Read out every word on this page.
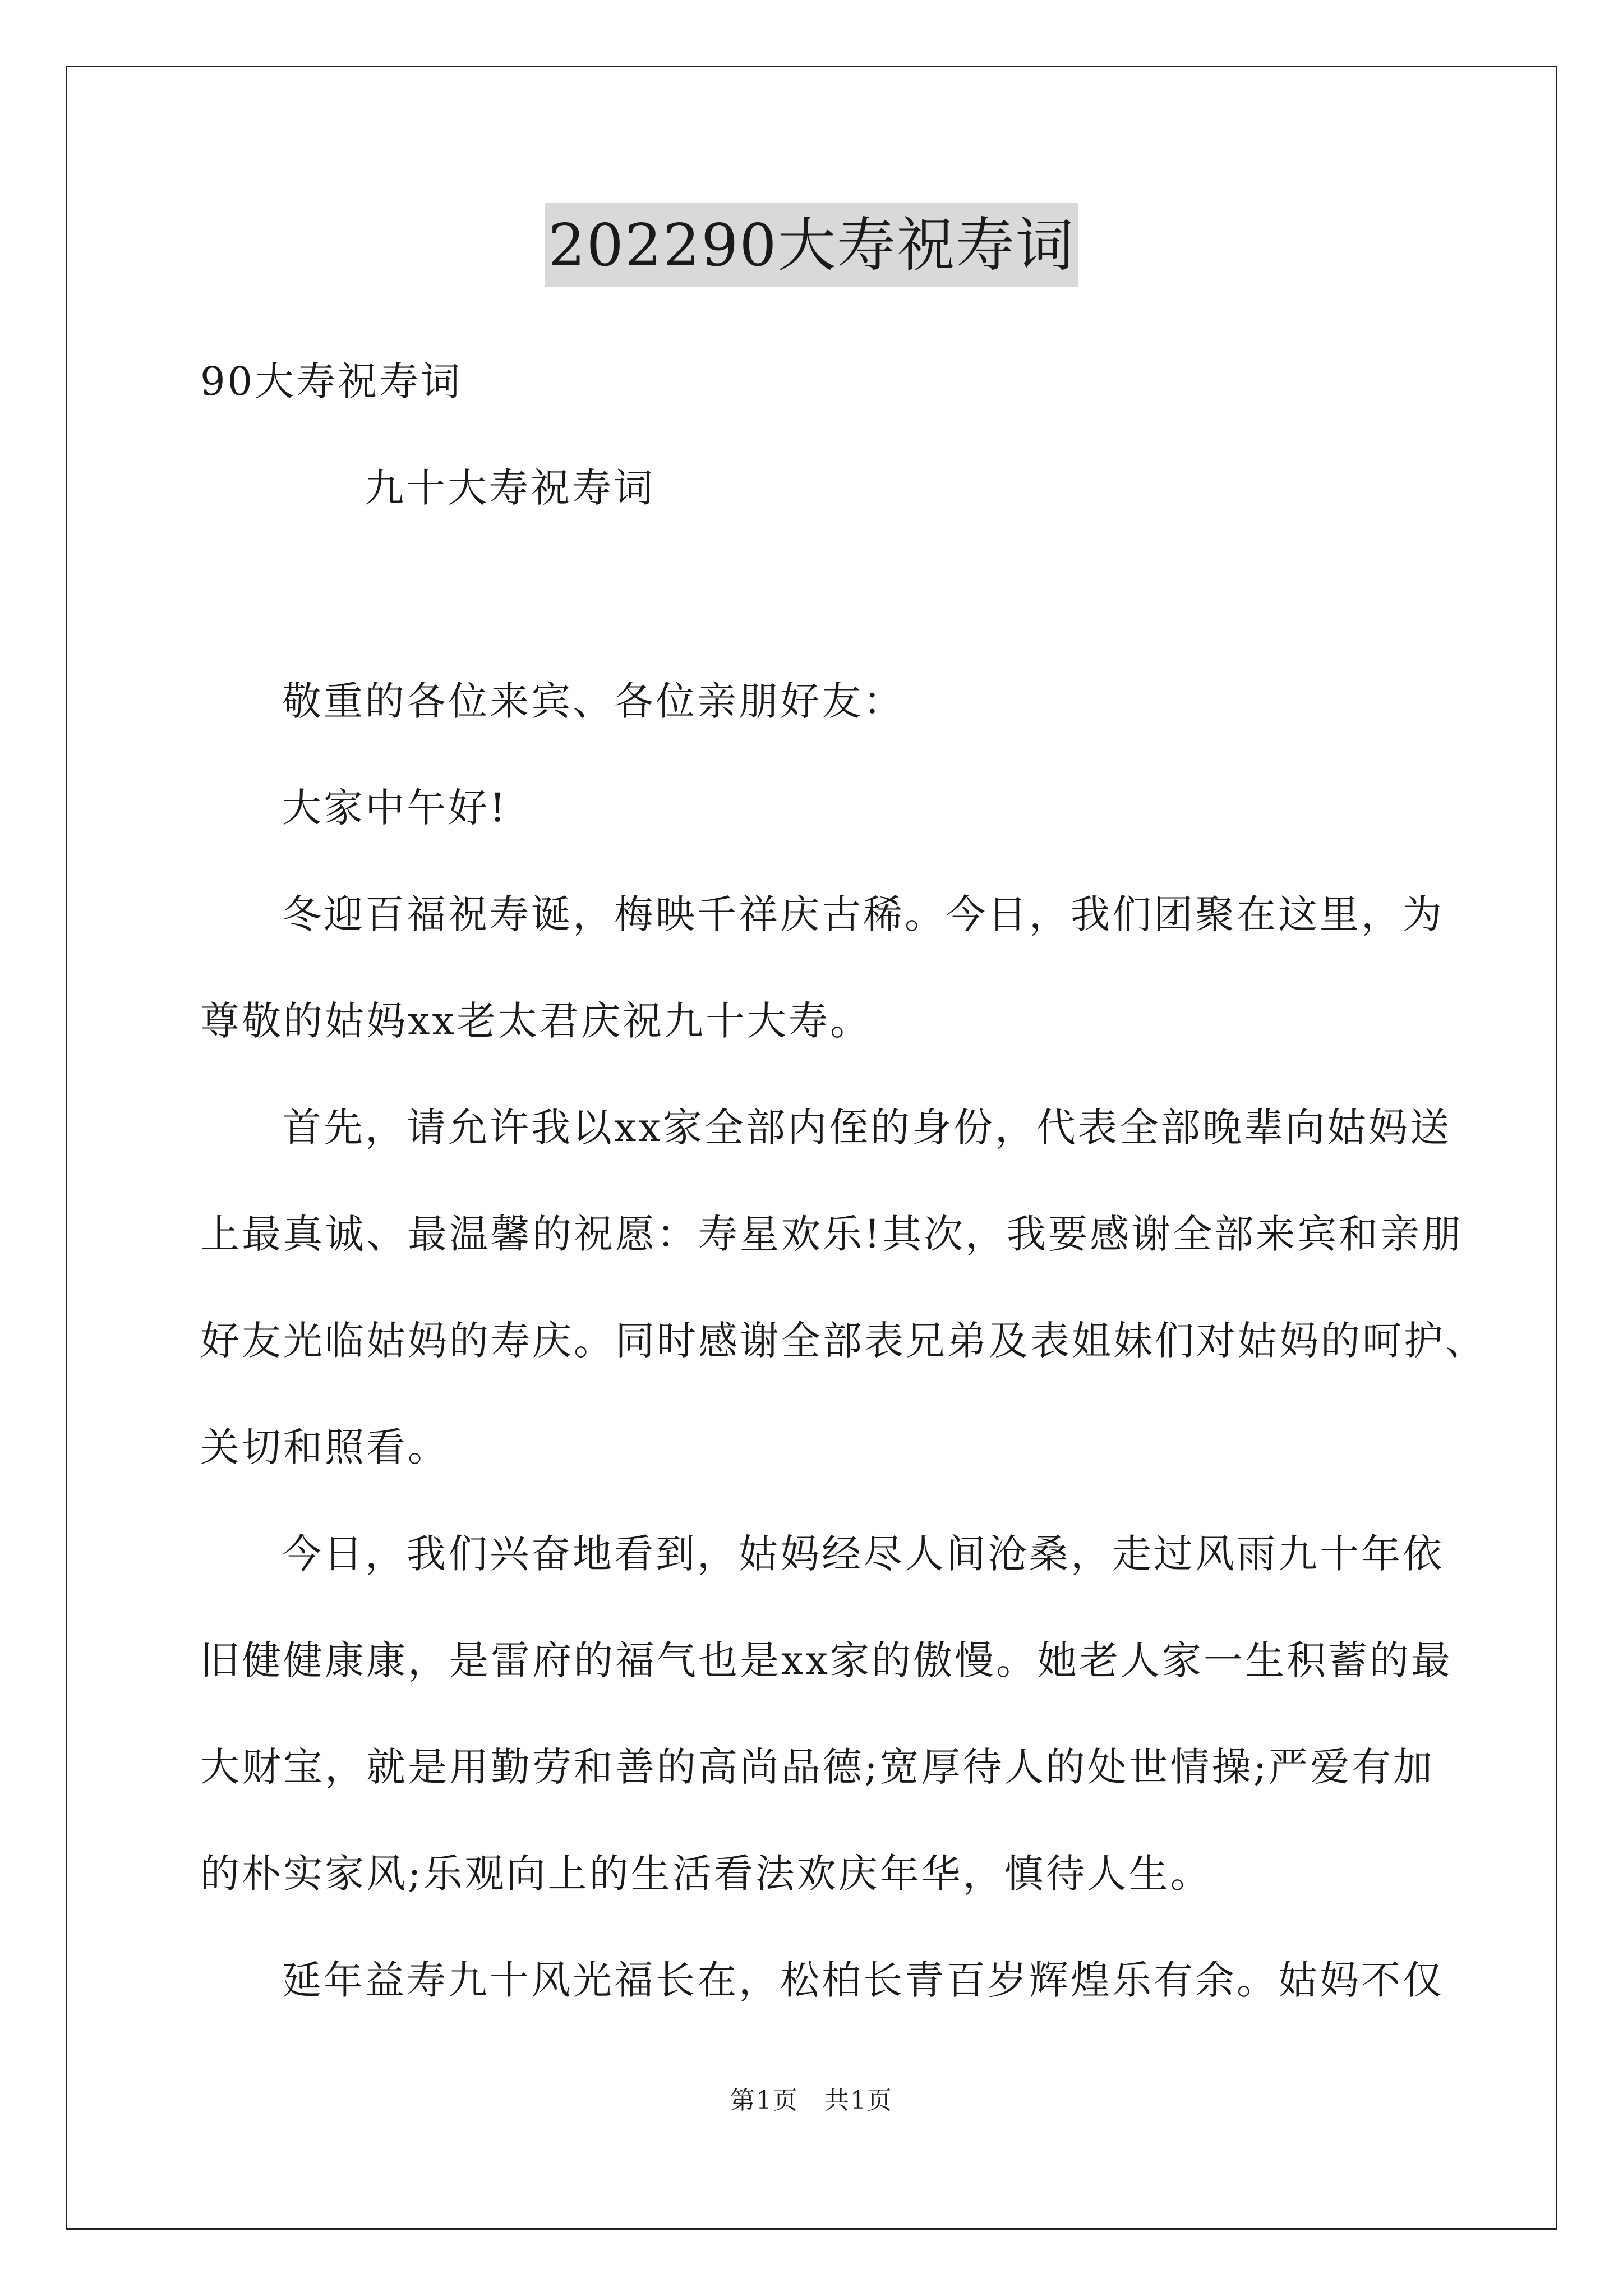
202290大寿祝寿词
90大寿祝寿词
九十大寿祝寿词
敬重的各位来宾、各位亲朋好友：
大家中午好!
冬迎百福祝寿诞，梅映千祥庆古稀。今日，我们团聚在这里，为
尊敬的姑妈xx老太君庆祝九十大寿。
首先，请允许我以xx家全部内侄的身份，代表全部晚辈向姑妈送
上最真诚、最温馨的祝愿：寿星欢乐!其次，我要感谢全部来宾和亲朋
好友光临姑妈的寿庆。同时感谢全部表兄弟及表姐妹们对姑妈的呵护、
关切和照看。
今日，我们兴奋地看到，姑妈经尽人间沧桑，走过风雨九十年依
旧健健康康，是雷府的福气也是xx家的傲慢。她老人家一生积蓄的最
大财宝，就是用勤劳和善的高尚品德;宽厚待人的处世情操;严爱有加
的朴实家风;乐观向上的生活看法欢庆年华，慎待人生。
延年益寿九十风光福长在，松柏长青百岁辉煌乐有余。姑妈不仅
第1页　共1页
